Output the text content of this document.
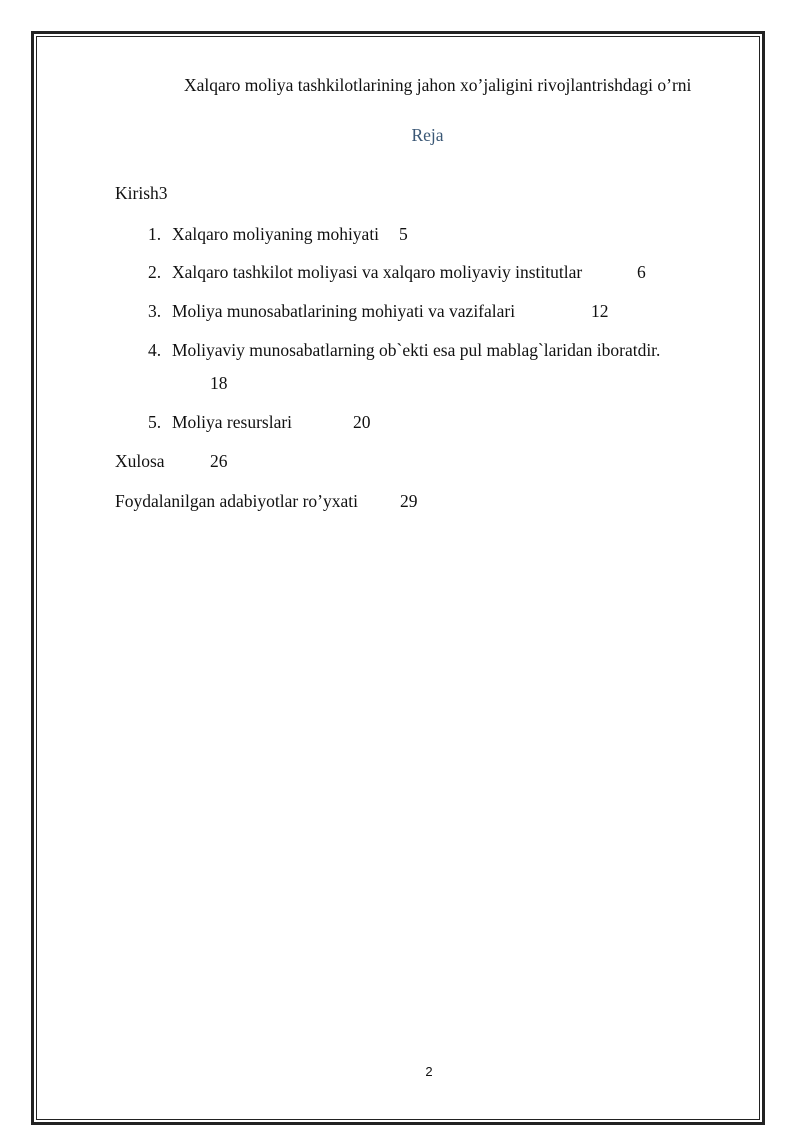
Xalqaro moliya tashkilotlarining jahon xo’jaligini rivojlantrishdagi o’rni
Reja
Kirish3
1. Xalqaro moliyaning mohiyati 5
2. Xalqaro tashkilot moliyasi va xalqaro moliyaviy institutlar	6
3. Moliya munosabatlarining mohiyati va vazifalari	12
4. Moliyaviy munosabatlarning ob`ekti esa pul mablag`laridan iboratdir.
18
5. Moliya resurslari	20
Xulosa	26
Foydalanilgan adabiyotlar ro’yxati 29
2
